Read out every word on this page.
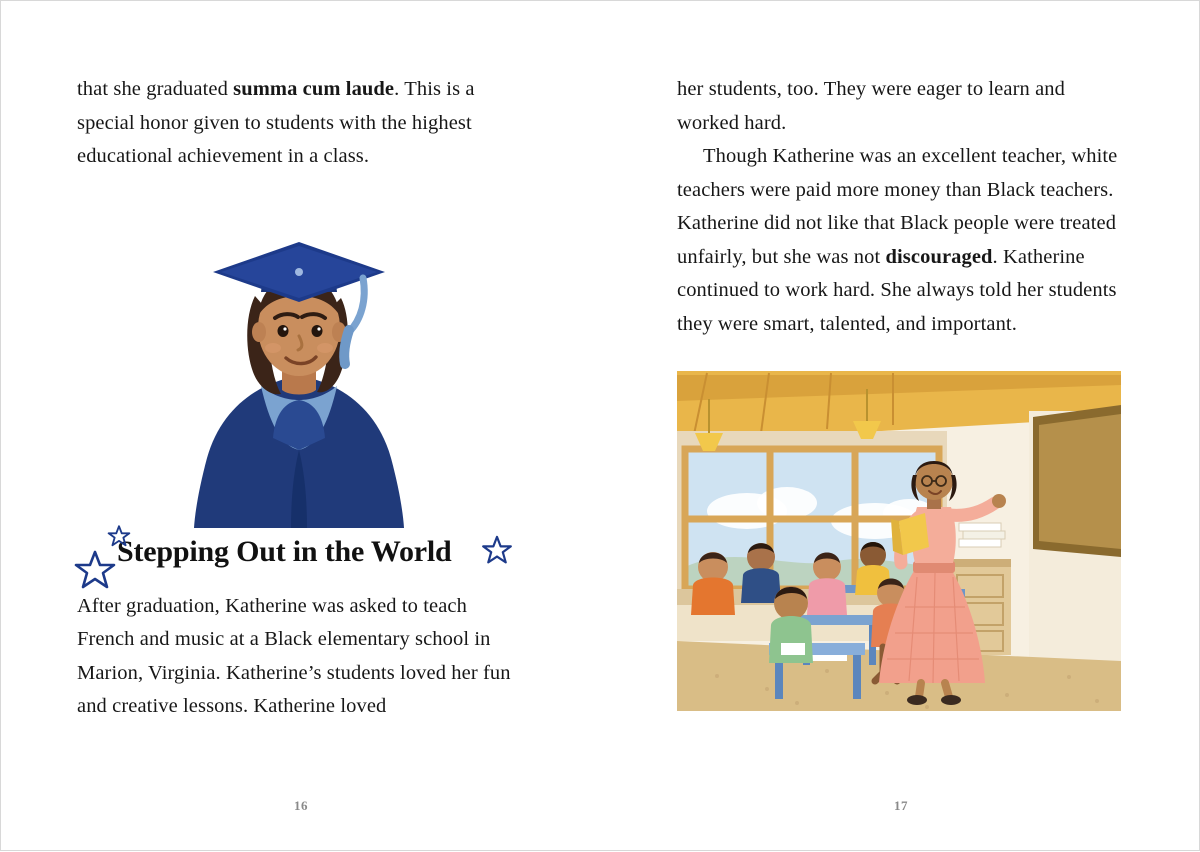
that she graduated summa cum laude. This is a special honor given to students with the highest educational achievement in a class.

Stepping Out in the World

After graduation, Katherine was asked to teach French and music at a Black elementary school in Marion, Virginia. Katherine’s students loved her fun and creative lessons. Katherine loved

16

her students, too. They were eager to learn and worked hard.

Though Katherine was an excellent teacher, white teachers were paid more money than Black teachers. Katherine did not like that Black people were treated unfairly, but she was not discouraged. Katherine continued to work hard. She always told her students they were smart, talented, and important.

17
